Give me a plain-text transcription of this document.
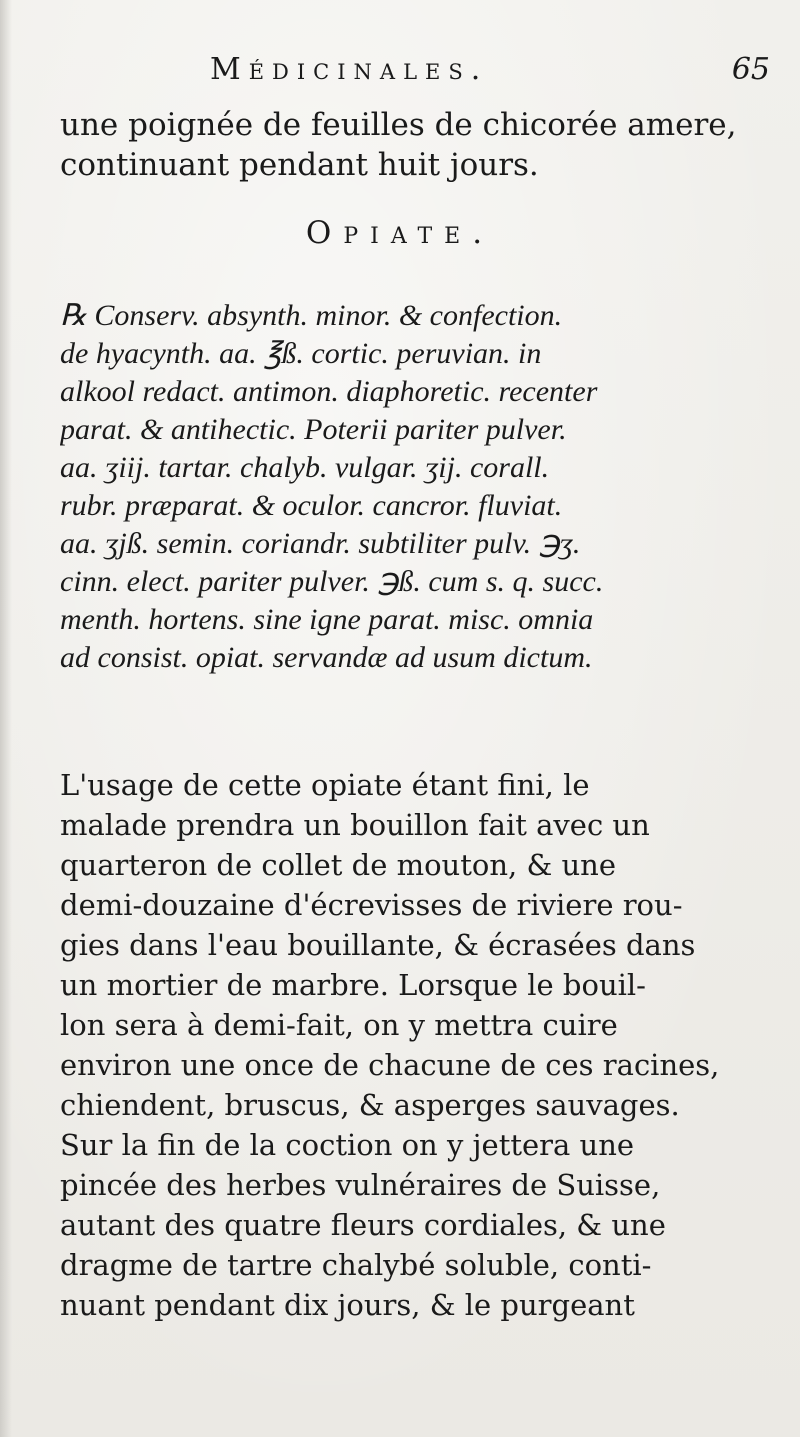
Médicinales.	65
une poignée de feuilles de chicorée amere,
continuant pendant huit jours.
Opiate.
℞ Conserv. absynth. minor. & confection.
de hyacynth. aa. ℥ß. cortic. peruvian. in
alkool redact. antimon. diaphoretic. recenter
parat. & antihectic. Poterii pariter pulver.
aa. ʒiij. tartar. chalyb. vulgar. ʒij. corall.
rubr. præparat. & oculor. cancror. fluviat.
aa. ʒjß. semin. coriandr. subtiliter pulv. ℈ʒ.
cinn. elect. pariter pulver. ℈ß. cum s. q. succ.
menth. hortens. sine igne parat. misc. omnia
ad consist. opiat. servandæ ad usum dictum.
L'usage de cette opiate étant fini, le
malade prendra un bouillon fait avec un
quarteron de collet de mouton, & une
demi-douzaine d'écrevisses de riviere rou-
gies dans l'eau bouillante, & écrasées dans
un mortier de marbre. Lorsque le bouil-
lon sera à demi-fait, on y mettra cuire
environ une once de chacune de ces racines,
chiendent, bruscus, & asperges sauvages.
Sur la fin de la coction on y jettera une
pincée des herbes vulnéraires de Suisse,
autant des quatre fleurs cordiales, & une
dragme de tartre chalybé soluble, conti-
nuant pendant dix jours, & le purgeant
